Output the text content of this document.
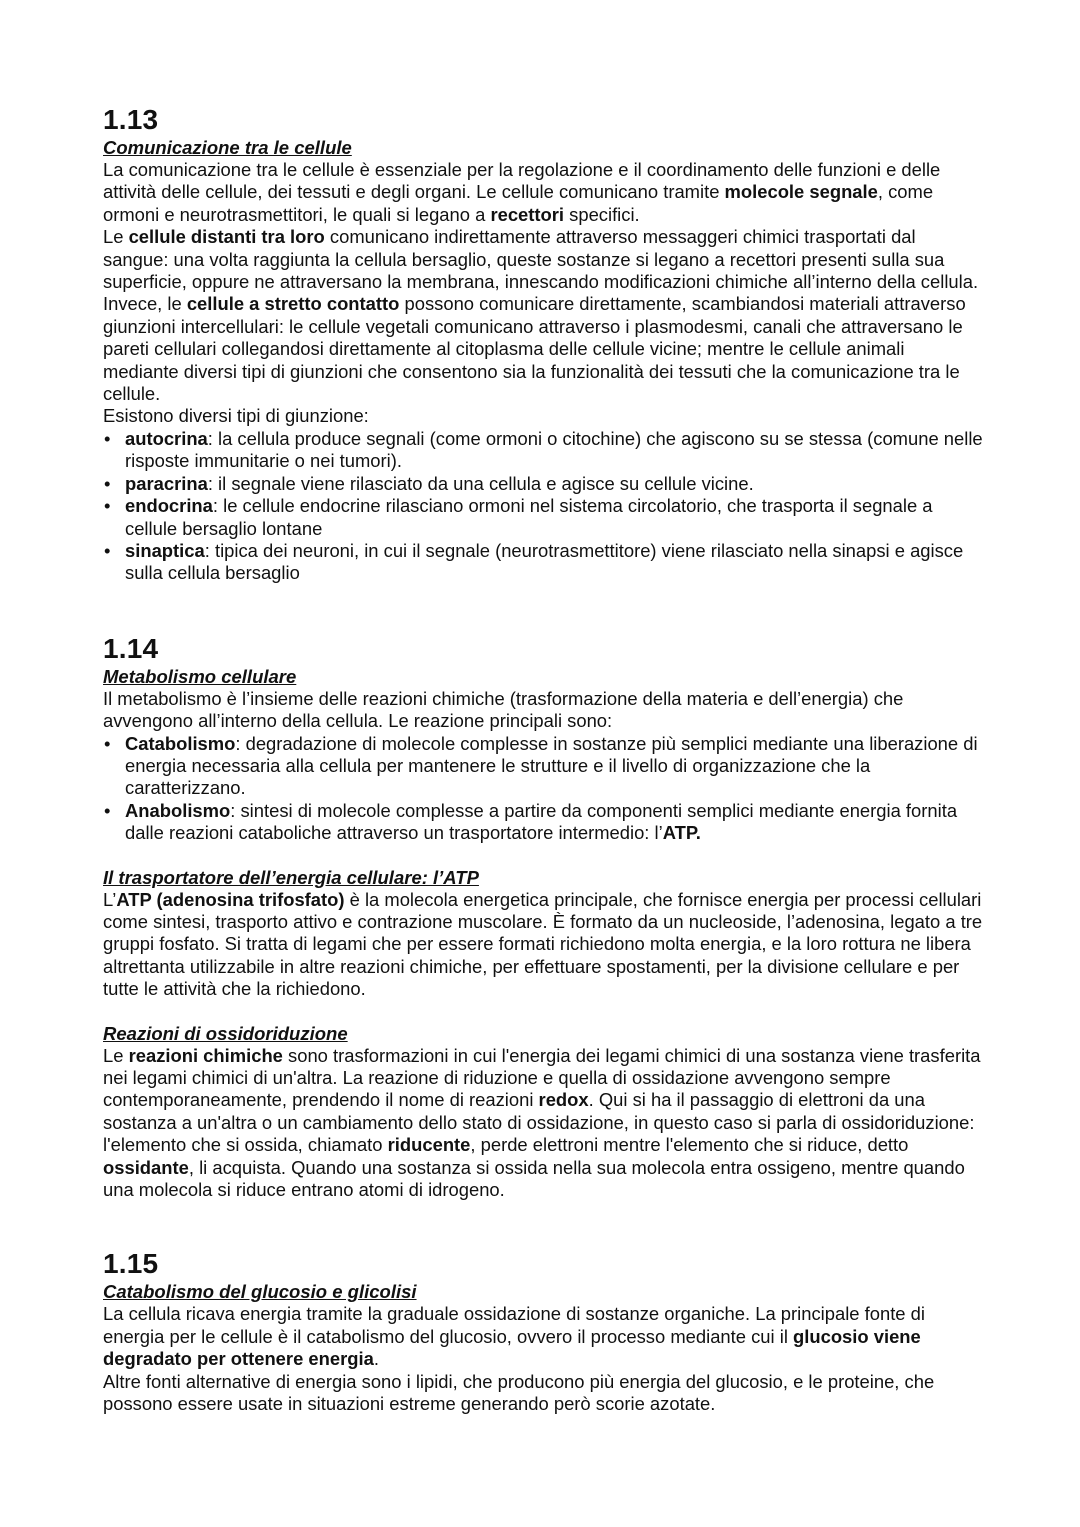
1.13
Comunicazione tra le cellule

La comunicazione tra le cellule è essenziale per la regolazione e il coordinamento delle funzioni e delle attività delle cellule, dei tessuti e degli organi. Le cellule comunicano tramite molecole segnale, come ormoni e neurotrasmettitori, le quali si legano a recettori specifici.

Le cellule distanti tra loro comunicano indirettamente attraverso messaggeri chimici trasportati dal sangue: una volta raggiunta la cellula bersaglio, queste sostanze si legano a recettori presenti sulla sua superficie, oppure ne attraversano la membrana, innescando modificazioni chimiche all’interno della cellula. Invece, le cellule a stretto contatto possono comunicare direttamente, scambiandosi materiali attraverso giunzioni intercellulari: le cellule vegetali comunicano attraverso i plasmodesmi, canali che attraversano le pareti cellulari collegandosi direttamente al citoplasma delle cellule vicine; mentre le cellule animali mediante diversi tipi di giunzioni che consentono sia la funzionalità dei tessuti che la comunicazione tra le cellule.

Esistono diversi tipi di giunzione:

• autocrina: la cellula produce segnali (come ormoni o citochine) che agiscono su se stessa (comune nelle risposte immunitarie o nei tumori).
• paracrina: il segnale viene rilasciato da una cellula e agisce su cellule vicine.
• endocrina: le cellule endocrine rilasciano ormoni nel sistema circolatorio, che trasporta il segnale a cellule bersaglio lontane
• sinaptica: tipica dei neuroni, in cui il segnale (neurotrasmettitore) viene rilasciato nella sinapsi e agisce sulla cellula bersaglio
1.14
Metabolismo cellulare

Il metabolismo è l’insieme delle reazioni chimiche (trasformazione della materia e dell’energia) che avvengono all’interno della cellula. Le reazione principali sono:

• Catabolismo: degradazione di molecole complesse in sostanze più semplici mediante una liberazione di energia necessaria alla cellula per mantenere le strutture e il livello di organizzazione che la caratterizzano.
• Anabolismo: sintesi di molecole complesse a partire da componenti semplici mediante energia fornita dalle reazioni cataboliche attraverso un trasportatore intermedio: l’ATP.
Il trasportatore dell’energia cellulare: l’ATP

L’ATP (adenosina trifosfato) è la molecola energetica principale, che fornisce energia per processi cellulari come sintesi, trasporto attivo e contrazione muscolare. È formato da un nucleoside, l’adenosina, legato a tre gruppi fosfato. Si tratta di legami che per essere formati richiedono molta energia, e la loro rottura ne libera altrettanta utilizzabile in altre reazioni chimiche, per effettuare spostamenti, per la divisione cellulare e per tutte le attività che la richiedono.

Reazioni di ossidoriduzione

Le reazioni chimiche sono trasformazioni in cui l'energia dei legami chimici di una sostanza viene trasferita nei legami chimici di un'altra. La reazione di riduzione e quella di ossidazione avvengono sempre contemporaneamente, prendendo il nome di reazioni redox. Qui si ha il passaggio di elettroni da una sostanza a un'altra o un cambiamento dello stato di ossidazione, in questo caso si parla di ossidoriduzione: l'elemento che si ossida, chiamato riducente, perde elettroni mentre l'elemento che si riduce, detto ossidante, li acquista. Quando una sostanza si ossida nella sua molecola entra ossigeno, mentre quando una molecola si riduce entrano atomi di idrogeno.

1.15
Catabolismo del glucosio e glicolisi

La cellula ricava energia tramite la graduale ossidazione di sostanze organiche. La principale fonte di energia per le cellule è il catabolismo del glucosio, ovvero il processo mediante cui il glucosio viene degradato per ottenere energia.

Altre fonti alternative di energia sono i lipidi, che producono più energia del glucosio, e le proteine, che possono essere usate in situazioni estreme generando però scorie azotate.
